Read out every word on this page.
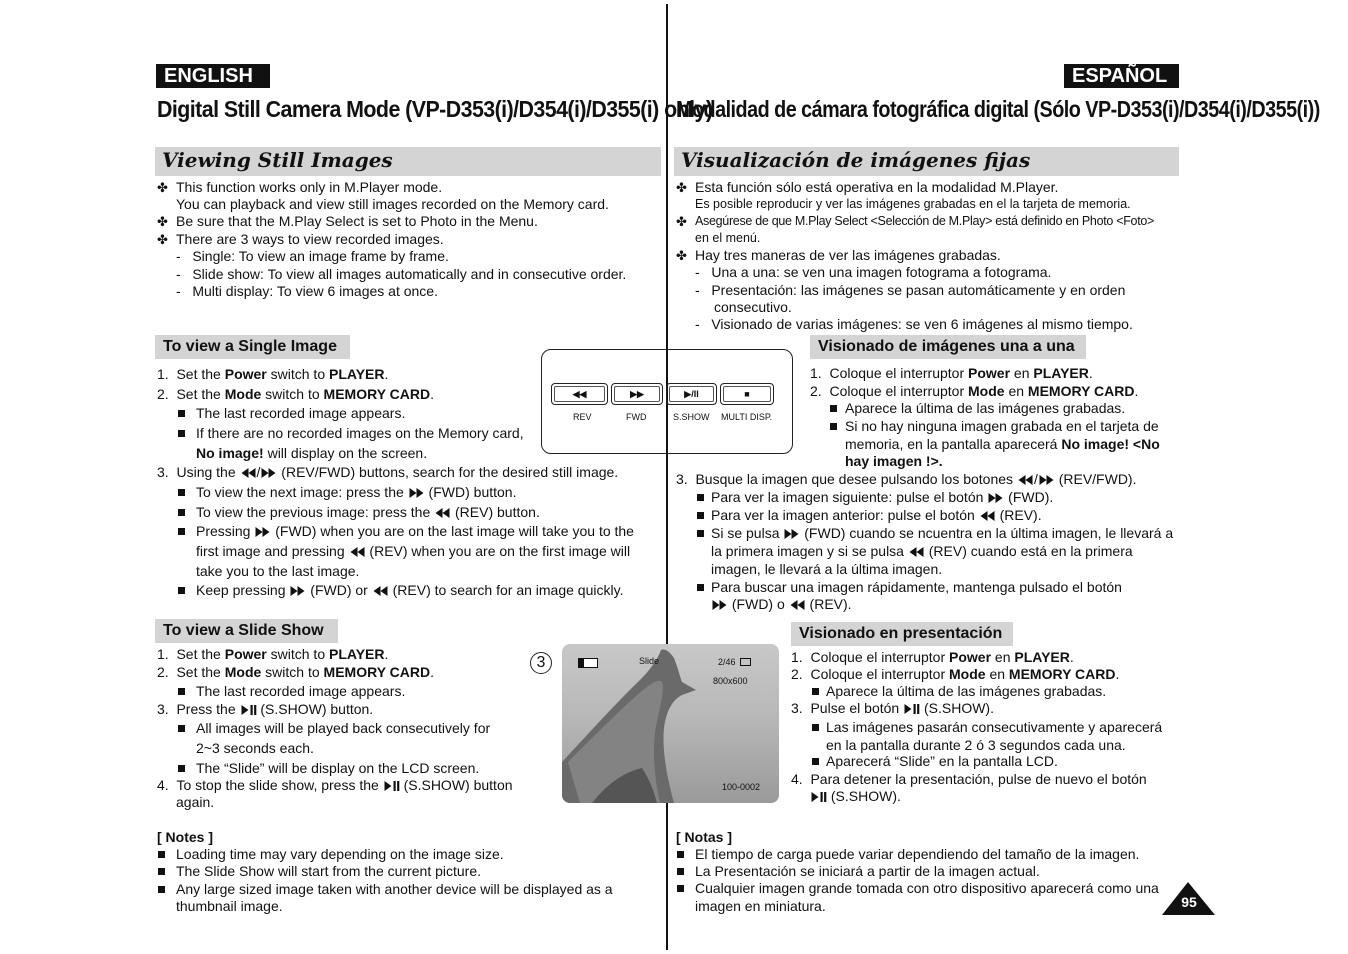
ENGLISH	ESPAÑOL
Digital Still Camera Mode (VP-D353(i)/D354(i)/D355(i) only)
Modalidad de cámara fotográfica digital (Sólo VP-D353(i)/D354(i)/D355(i))
Viewing Still Images	Visualización de imágenes fijas
✤ This function works only in M.Player mode.
You can playback and view still images recorded on the Memory card.
✤ Be sure that the M.Play Select is set to Photo in the Menu.
✤ There are 3 ways to view recorded images.
-   Single: To view an image frame by frame.
-   Slide show: To view all images automatically and in consecutive order.
-   Multi display: To view 6 images at once.
To view a Single Image
1.  Set the Power switch to PLAYER.
2.  Set the Mode switch to MEMORY CARD.
The last recorded image appears.
If there are no recorded images on the Memory card,
No image! will display on the screen.
3.  Using the / (REV/FWD) buttons, search for the desired still image.
To view the next image: press the  (FWD) button.
To view the previous image: press the  (REV) button.
Pressing  (FWD) when you are on the last image will take you to the
first image and pressing  (REV) when you are on the first image will
take you to the last image.
Keep pressing  (FWD) or  (REV) to search for an image quickly.
To view a Slide Show
1.  Set the Power switch to PLAYER.
2.  Set the Mode switch to MEMORY CARD.
The last recorded image appears.
3.  Press the  (S.SHOW) button.
All images will be played back consecutively for
2~3 seconds each.
The “Slide” will be display on the LCD screen.
4.  To stop the slide show, press the  (S.SHOW) button
again.
[ Notes ]
Loading time may vary depending on the image size.
The Slide Show will start from the current picture.
Any large sized image taken with another device will be displayed as a
thumbnail image.
◀◀	▶▶	▶/II	■
REV	FWD	S.SHOW MULTI DISP.
3	Slide	2/46
800x600
100-0002
✤ Esta función sólo está operativa en la modalidad M.Player.
Es posible reproducir y ver las imágenes grabadas en el la tarjeta de memoria.
✤ Asegúrese de que M.Play Select <Selección de M.Play> está definido en Photo <Foto>
en el menú.
✤ Hay tres maneras de ver las imágenes grabadas.
-   Una a una: se ven una imagen fotograma a fotograma.
-   Presentación: las imágenes se pasan automáticamente y en orden
consecutivo.
-   Visionado de varias imágenes: se ven 6 imágenes al mismo tiempo.
Visionado de imágenes una a una
1.  Coloque el interruptor Power en PLAYER.
2.  Coloque el interruptor Mode en MEMORY CARD.
Aparece la última de las imágenes grabadas.
Si no hay ninguna imagen grabada en el tarjeta de
memoria, en la pantalla aparecerá No image! <No
hay imagen !>.
3.  Busque la imagen que desee pulsando los botones / (REV/FWD).
Para ver la imagen siguiente: pulse el botón  (FWD).
Para ver la imagen anterior: pulse el botón  (REV).
Si se pulsa  (FWD) cuando se ncuentra en la última imagen, le llevará a
la primera imagen y si se pulsa  (REV) cuando está en la primera
imagen, le llevará a la última imagen.
Para buscar una imagen rápidamente, mantenga pulsado el botón
(FWD) o  (REV).
Visionado en presentación
1.  Coloque el interruptor Power en PLAYER.
2.  Coloque el interruptor Mode en MEMORY CARD.
Aparece la última de las imágenes grabadas.
3.  Pulse el botón  (S.SHOW).
Las imágenes pasarán consecutivamente y aparecerá
en la pantalla durante 2 ó 3 segundos cada una.
Aparecerá “Slide” en la pantalla LCD.
4.  Para detener la presentación, pulse de nuevo el botón
(S.SHOW).
[ Notas ]
El tiempo de carga puede variar dependiendo del tamaño de la imagen.
La Presentación se iniciará a partir de la imagen actual.
Cualquier imagen grande tomada con otro dispositivo aparecerá como una
imagen en miniatura.	95
